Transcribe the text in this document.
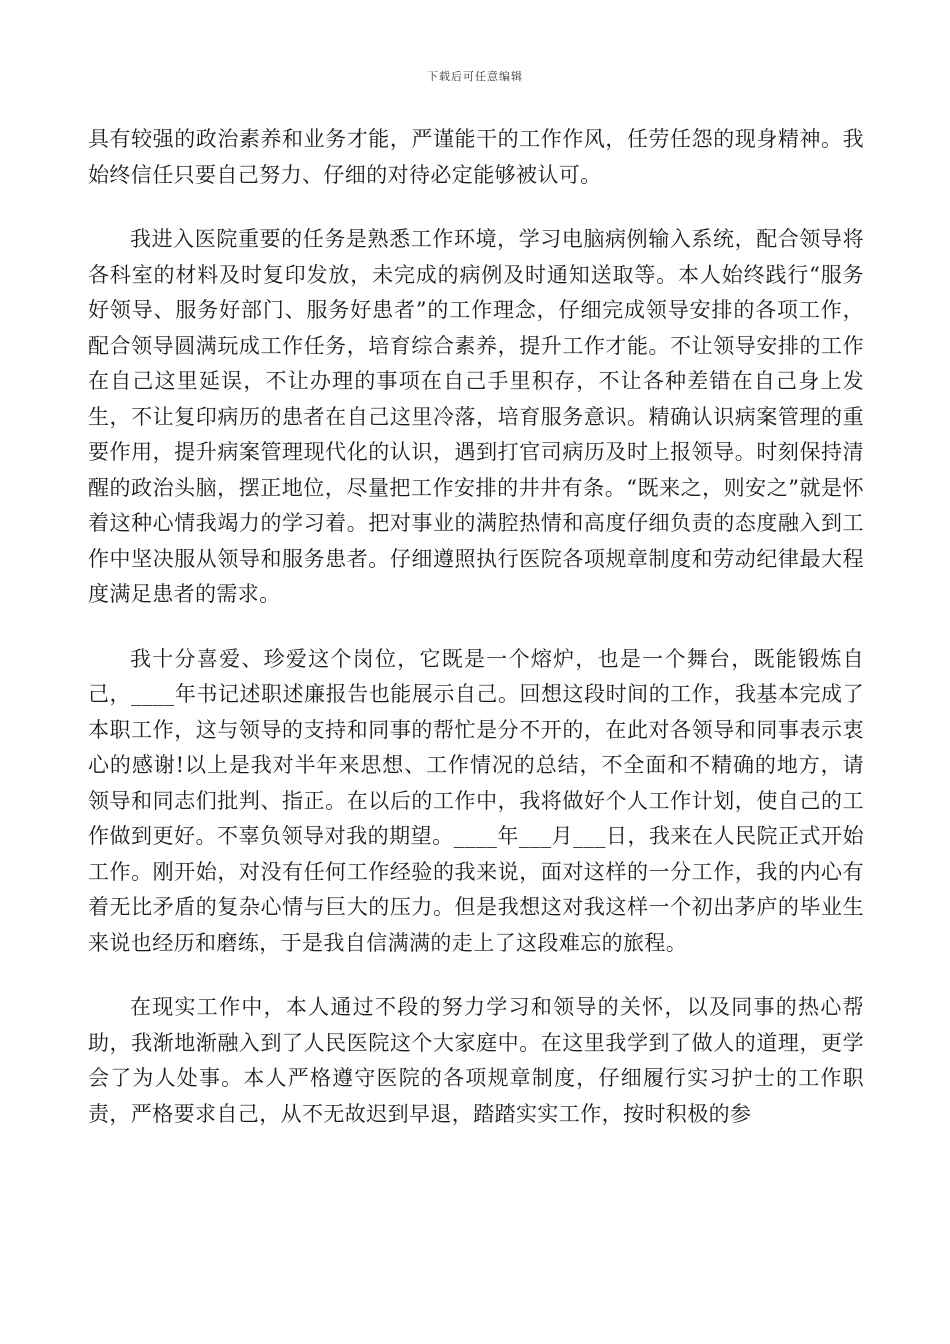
下载后可任意编辑

具有较强的政治素养和业务才能，严谨能干的工作作风，任劳任怨的现身精神。我始终信任只要自己努力、仔细的对待必定能够被认可。

我进入医院重要的任务是熟悉工作环境，学习电脑病例输入系统，配合领导将各科室的材料及时复印发放，未完成的病例及时通知送取等。本人始终践行“服务好领导、服务好部门、服务好患者”的工作理念，仔细完成领导安排的各项工作，配合领导圆满玩成工作任务，培育综合素养，提升工作才能。不让领导安排的工作在自己这里延误，不让办理的事项在自己手里积存，不让各种差错在自己身上发生，不让复印病历的患者在自己这里冷落，培育服务意识。精确认识病案管理的重要作用，提升病案管理现代化的认识，遇到打官司病历及时上报领导。时刻保持清醒的政治头脑，摆正地位，尽量把工作安排的井井有条。“既来之，则安之”就是怀着这种心情我竭力的学习着。把对事业的满腔热情和高度仔细负责的态度融入到工作中坚决服从领导和服务患者。仔细遵照执行医院各项规章制度和劳动纪律最大程度满足患者的需求。

我十分喜爱、珍爱这个岗位，它既是一个熔炉，也是一个舞台，既能锻炼自己，____年书记述职述廉报告也能展示自己。回想这段时间的工作，我基本完成了本职工作，这与领导的支持和同事的帮忙是分不开的，在此对各领导和同事表示衷心的感谢!以上是我对半年来思想、工作情况的总结，不全面和不精确的地方，请领导和同志们批判、指正。在以后的工作中，我将做好个人工作计划，使自己的工作做到更好。不辜负领导对我的期望。____年___月___日，我来在人民院正式开始工作。刚开始，对没有任何工作经验的我来说，面对这样的一分工作，我的内心有着无比矛盾的复杂心情与巨大的压力。但是我想这对我这样一个初出茅庐的毕业生来说也经历和磨练，于是我自信满满的走上了这段难忘的旅程。

在现实工作中，本人通过不段的努力学习和领导的关怀，以及同事的热心帮助，我渐地渐融入到了人民医院这个大家庭中。在这里我学到了做人的道理，更学会了为人处事。本人严格遵守医院的各项规章制度，仔细履行实习护士的工作职责，严格要求自己，从不无故迟到早退，踏踏实实工作，按时积极的参
